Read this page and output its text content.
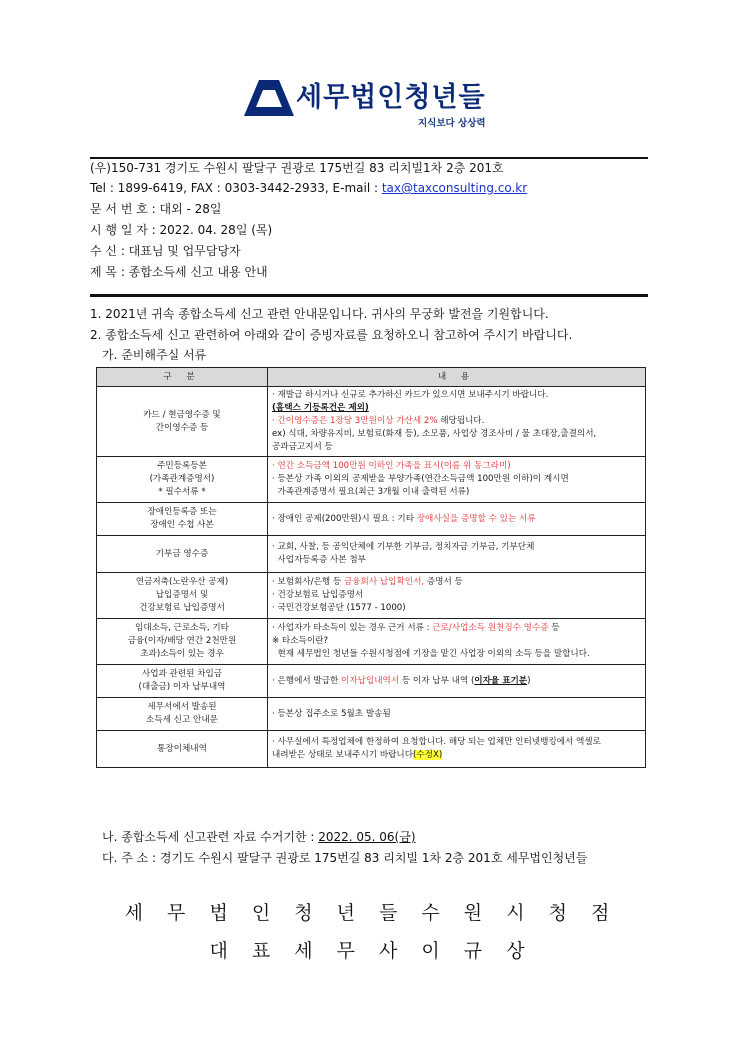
세무법인청년들
지식보다 상상력
(우)150-731 경기도 수원시 팔달구 권광로 175번길 83 리치빌1차 2층 201호
Tel : 1899-6419, FAX : 0303-3442-2933, E-mail : tax@taxconsulting.co.kr
문 서 번 호 : 대외 - 28일
시 행 일 자 : 2022. 04. 28일 (목)
수 신 : 대표님 및 업무담당자
제 목 : 종합소득세 신고 내용 안내
1. 2021년 귀속 종합소득세 신고 관련 안내문입니다. 귀사의 무궁화 발전을 기원합니다.
2. 종합소득세 신고 관련하여 아래와 같이 증빙자료를 요청하오니 참고하여 주시기 바랍니다.
가. 준비해주실 서류
구 분	내 용

카드 / 현금영수증 및
간이영수증 등	· 재발급 하시거나 신규로 추가하신 카드가 있으시면 보내주시기 바랍니다.
(홈택스 기등록건은 제외)
· 간이영수증은 1장당 3만원이상 가산세 2% 해당됩니다.
ex) 식대, 차량유지비, 보험료(화재 등), 소모품, 사업상 경조사비 / 물 초대장,출결의서,
공과금고지서 등

주민등록등본
(가족관계증명서)
* 필수서류 *	· 연간 소득금액 100만원 이하인 가족을 표시(이름 위 동그라미)
· 등본상 가족 이외의 공제받을 부양가족(연간소득금액 100만원 이하)이 계시면
가족관계증명서 필요(최근 3개월 이내 출력된 서류)

장애인등록증 또는
장애인 수첩 사본	· 장애인 공제(200만원)시 필요 : 기타 장애사실을 증명할 수 있는 서류

기부금 영수증	· 교회, 사찰, 등 공익단체에 기부한 기부금, 정치자금 기부금, 기부단체
사업자등록증 사본 첨부

연금저축(노란우산 공제)
납입증명서 및
건강보험료 납입증명서	· 보험회사/은행 등 금융회사 납입확인서, 증명서 등
· 건강보험료 납입증명서
· 국민건강보험공단 (1577 - 1000)

임대소득, 근로소득, 기타
금융(이자/배당 연간 2천만원
초과)소득이 있는 경우	· 사업자가 타소득이 있는 경우 근거 서류 : 근로/사업소득 원천징수 영수증 등
※ 타소득이란?
현재 세무법인 청년들 수원시청점에 기장을 맡긴 사업장 이외의 소득 등을 말합니다.

사업과 관련된 차입금
(대출금) 이자 납부내역	· 은행에서 발급한 이자납입내역서 등 이자 납부 내역 (이자율 표기분)

세무서에서 발송된
소득세 신고 안내문	· 등본상 집주소로 5월초 발송됨

통장이체내역	· 사무실에서 특정업체에 한정하여 요청합니다. 해당 되는 업체만 인터넷뱅킹에서 엑셀로
내려받은 상태로 보내주시기 바랍니다(수정X)
나. 종합소득세 신고관련 자료 수거기한 : 2022. 05. 06(금)
다. 주 소 : 경기도 수원시 팔달구 권광로 175번길 83 리치빌 1차 2층 201호 세무법인청년들
세 무 법 인 청 년 들 수 원 시 청 점
대 표 세 무 사 이 규 상
